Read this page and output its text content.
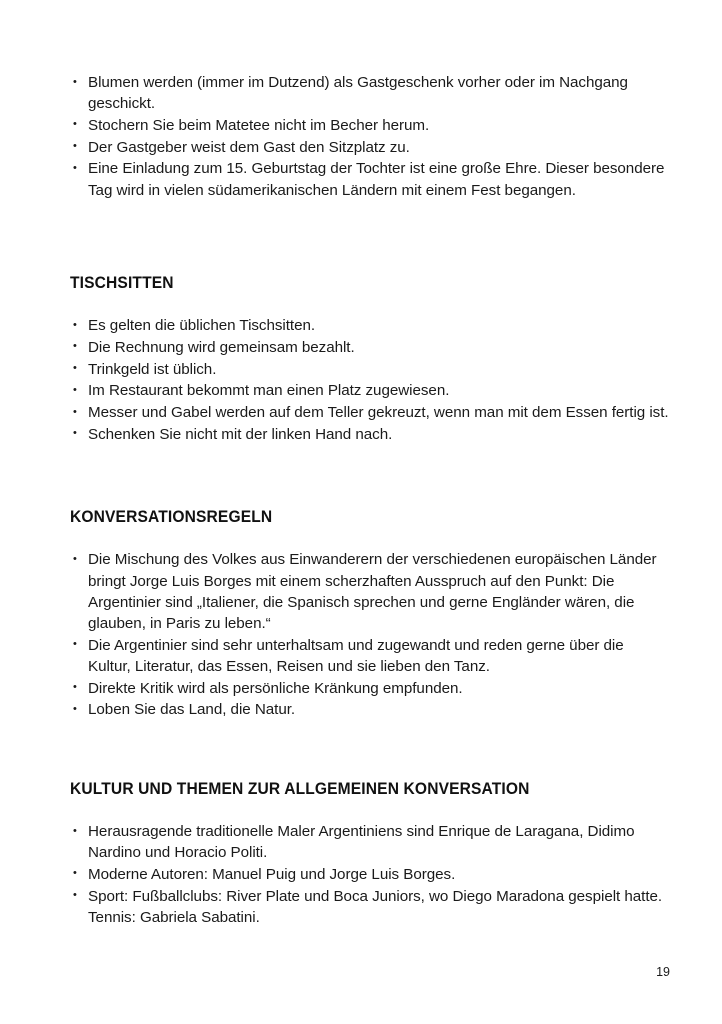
• Blumen werden (immer im Dutzend) als Gastgeschenk vorher oder im Nachgang geschickt.
• Stochern Sie beim Matetee nicht im Becher herum.
• Der Gastgeber weist dem Gast den Sitzplatz zu.
• Eine Einladung zum 15. Geburtstag der Tochter ist eine große Ehre. Dieser besondere Tag wird in vielen südamerikanischen Ländern mit einem Fest begangen.
TISCHSITTEN
• Es gelten die üblichen Tischsitten.
• Die Rechnung wird gemeinsam bezahlt.
• Trinkgeld ist üblich.
• Im Restaurant bekommt man einen Platz zugewiesen.
• Messer und Gabel werden auf dem Teller gekreuzt, wenn man mit dem Essen fertig ist.
• Schenken Sie nicht mit der linken Hand nach.
KONVERSATIONSREGELN
• Die Mischung des Volkes aus Einwanderern der verschiedenen europäischen Länder bringt Jorge Luis Borges mit einem scherzhaften Ausspruch auf den Punkt: Die Argentinier sind „Italiener, die Spanisch sprechen und gerne Engländer wären, die glauben, in Paris zu leben.“
• Die Argentinier sind sehr unterhaltsam und zugewandt und reden gerne über die Kultur, Literatur, das Essen, Reisen und sie lieben den Tanz.
• Direkte Kritik wird als persönliche Kränkung empfunden.
• Loben Sie das Land, die Natur.
KULTUR UND THEMEN ZUR ALLGEMEINEN KONVERSATION
• Herausragende traditionelle Maler Argentiniens sind Enrique de Laragana, Didimo Nardino und Horacio Politi.
• Moderne Autoren: Manuel Puig und Jorge Luis Borges.
• Sport: Fußballclubs: River Plate und Boca Juniors, wo Diego Maradona gespielt hatte. Tennis: Gabriela Sabatini.
19
